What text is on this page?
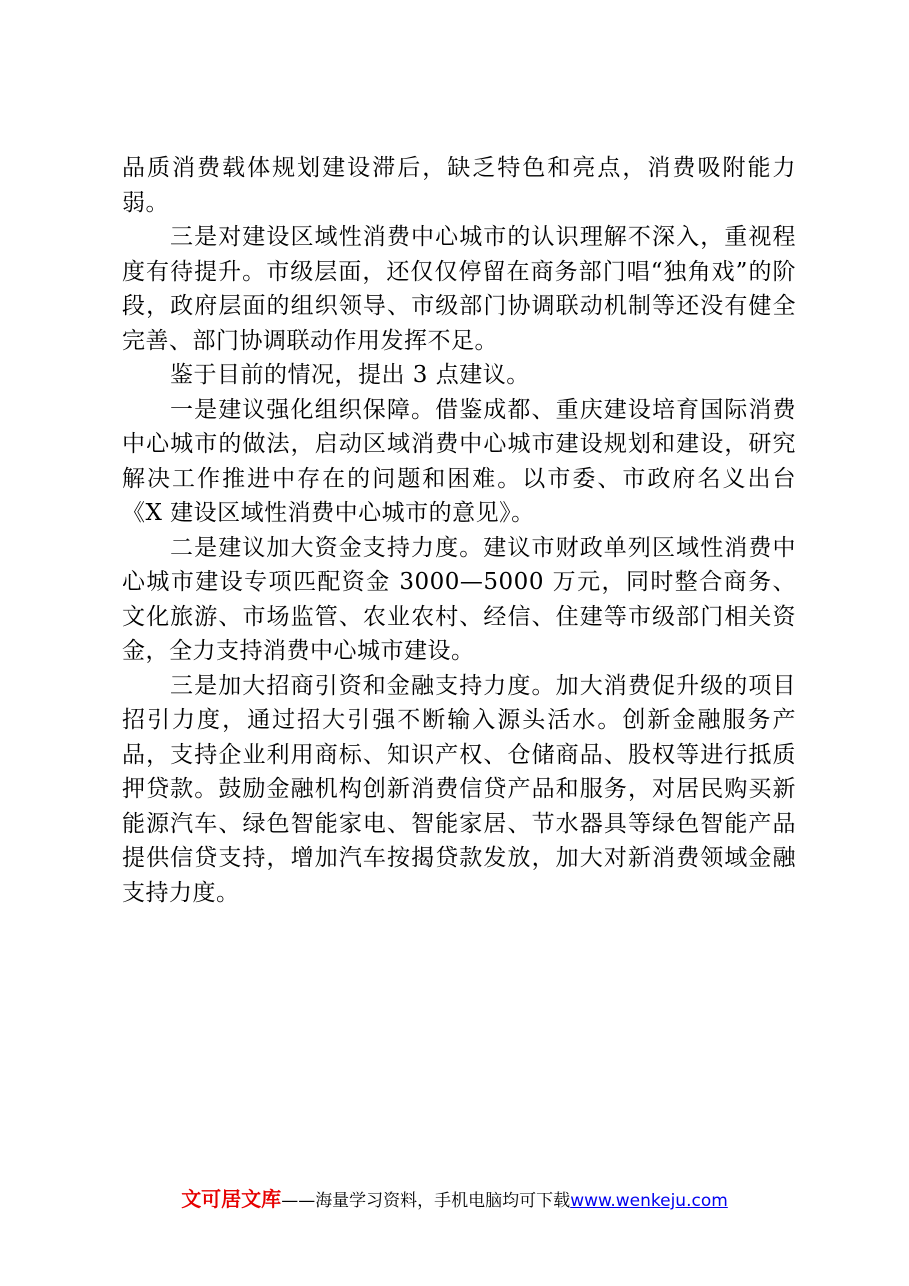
品质消费载体规划建设滞后，缺乏特色和亮点，消费吸附能力弱。

三是对建设区域性消费中心城市的认识理解不深入，重视程度有待提升。市级层面，还仅仅停留在商务部门唱“独角戏”的阶段，政府层面的组织领导、市级部门协调联动机制等还没有健全完善、部门协调联动作用发挥不足。

鉴于目前的情况，提出 3 点建议。

一是建议强化组织保障。借鉴成都、重庆建设培育国际消费中心城市的做法，启动区域消费中心城市建设规划和建设，研究解决工作推进中存在的问题和困难。以市委、市政府名义出台《X 建设区域性消费中心城市的意见》。

二是建议加大资金支持力度。建议市财政单列区域性消费中心城市建设专项匹配资金 3000—5000 万元，同时整合商务、文化旅游、市场监管、农业农村、经信、住建等市级部门相关资金，全力支持消费中心城市建设。

三是加大招商引资和金融支持力度。加大消费促升级的项目招引力度，通过招大引强不断输入源头活水。创新金融服务产品，支持企业利用商标、知识产权、仓储商品、股权等进行抵质押贷款。鼓励金融机构创新消费信贷产品和服务，对居民购买新能源汽车、绿色智能家电、智能家居、节水器具等绿色智能产品提供信贷支持，增加汽车按揭贷款发放，加大对新消费领域金融支持力度。

文可居文库——海量学习资料，手机电脑均可下载www.wenkeju.com
